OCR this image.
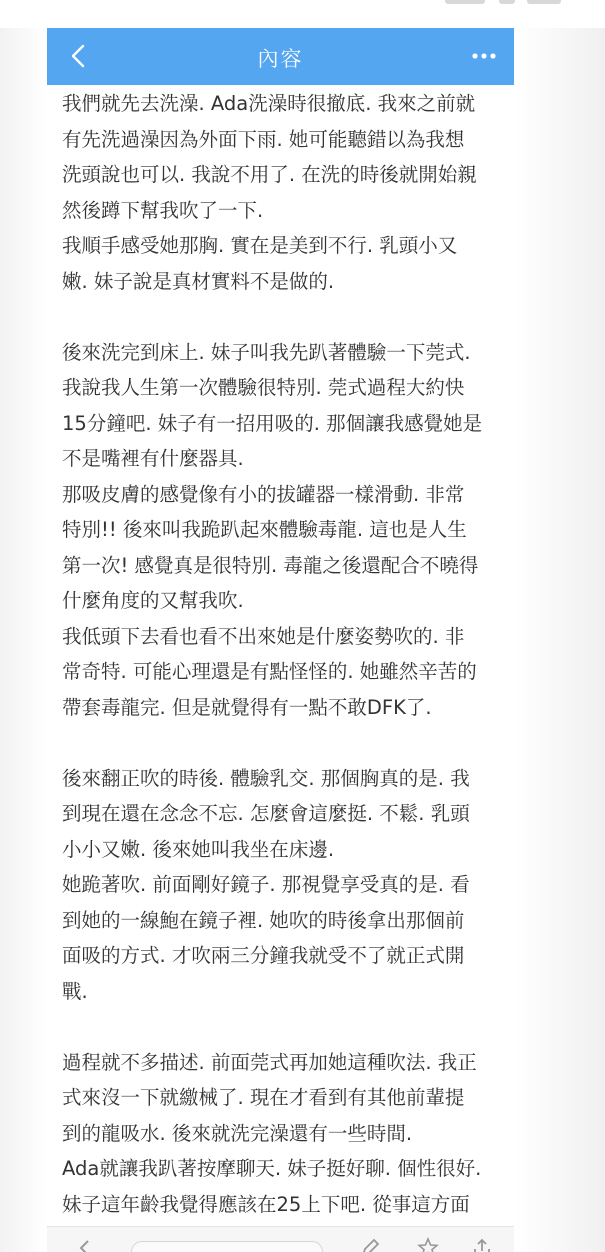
內容
我們就先去洗澡. Ada洗澡時很撤底. 我來之前就
有先洗過澡因為外面下雨. 她可能聽錯以為我想
洗頭說也可以. 我說不用了. 在洗的時後就開始親
然後蹲下幫我吹了一下.
我順手感受她那胸. 實在是美到不行. 乳頭小又
嫩. 妹子說是真材實料不是做的.
後來洗完到床上. 妹子叫我先趴著體驗一下莞式.
我說我人生第一次體驗很特別. 莞式過程大約快
15分鐘吧. 妹子有一招用吸的. 那個讓我感覺她是
不是嘴裡有什麼器具.
那吸皮膚的感覺像有小的拔罐器一樣滑動. 非常
特別!! 後來叫我跪趴起來體驗毒龍. 這也是人生
第一次! 感覺真是很特別. 毒龍之後還配合不曉得
什麼角度的又幫我吹.
我低頭下去看也看不出來她是什麼姿勢吹的. 非
常奇特. 可能心理還是有點怪怪的. 她雖然辛苦的
帶套毒龍完. 但是就覺得有一點不敢DFK了.
後來翻正吹的時後. 體驗乳交. 那個胸真的是. 我
到現在還在念念不忘. 怎麼會這麼挺. 不鬆. 乳頭
小小又嫩. 後來她叫我坐在床邊.
她跪著吹. 前面剛好鏡子. 那視覺享受真的是. 看
到她的一線鮑在鏡子裡. 她吹的時後拿出那個前
面吸的方式. 才吹兩三分鐘我就受不了就正式開
戰.
過程就不多描述. 前面莞式再加她這種吹法. 我正
式來沒一下就繳械了. 現在才看到有其他前輩提
到的龍吸水. 後來就洗完澡還有一些時間.
Ada就讓我趴著按摩聊天. 妹子挺好聊. 個性很好.
妹子這年齡我覺得應該在25上下吧. 從事這方面
